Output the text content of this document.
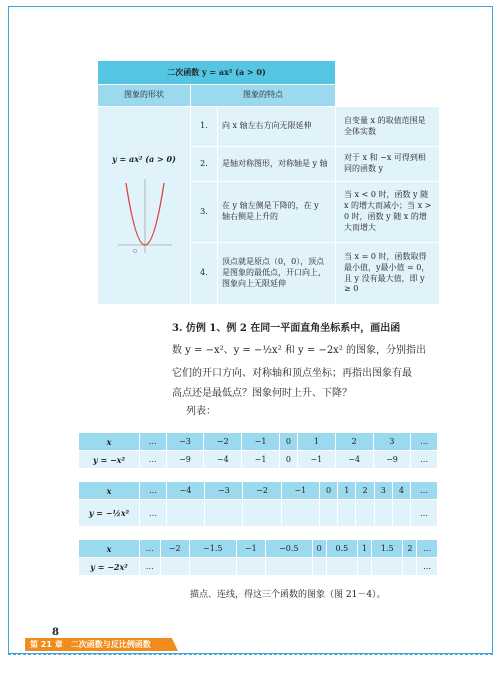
二次函数 y = ax² (a > 0)			
图象的形状	图象的特点	

y = ax² (a > 0)
O	1.	向 x 轴左右方向无限延伸	自变量 x 的取值范围是全体实数
	2.	是轴对称图形，对称轴是 y 轴	对于 x 和 −x 可得到相同的函数 y
	3.	在 y 轴左侧是下降的，在 y 轴右侧是上升的	当 x < 0 时，函数 y 随 x 的增大而减小；当 x > 0 时，函数 y 随 x 的增大而增大
	4.	顶点就是原点（0，0），顶点是图象的最低点，开口向上，图象向上无限延伸	当 x = 0 时，函数取得最小值，y最小值 = 0，且 y 没有最大值，即 y ≥ 0
3. 仿例 1、例 2 在同一平面直角坐标系中，画出函
数 y = −x²、y = −½x² 和 y = −2x² 的图象，分别指出
它们的开口方向、对称轴和顶点坐标；再指出图象有最
高点还是最低点？图象何时上升、下降？
列表：
x	…	−3	−2	−1	0	1	2	3	…
y = −x²	…	−9	−4	−1	0	−1	−4	−9	…
x	…	−4	−3	−2	−1	0	1	2	3	4	…
y = −½x²	…										…
x	…	−2	−1.5	−1	−0.5	0	0.5	1	1.5	2	…
y = −2x²	…										…
描点、连线，得这三个函数的图象（图 21－4）。
8
第 21 章　二次函数与反比例函数
